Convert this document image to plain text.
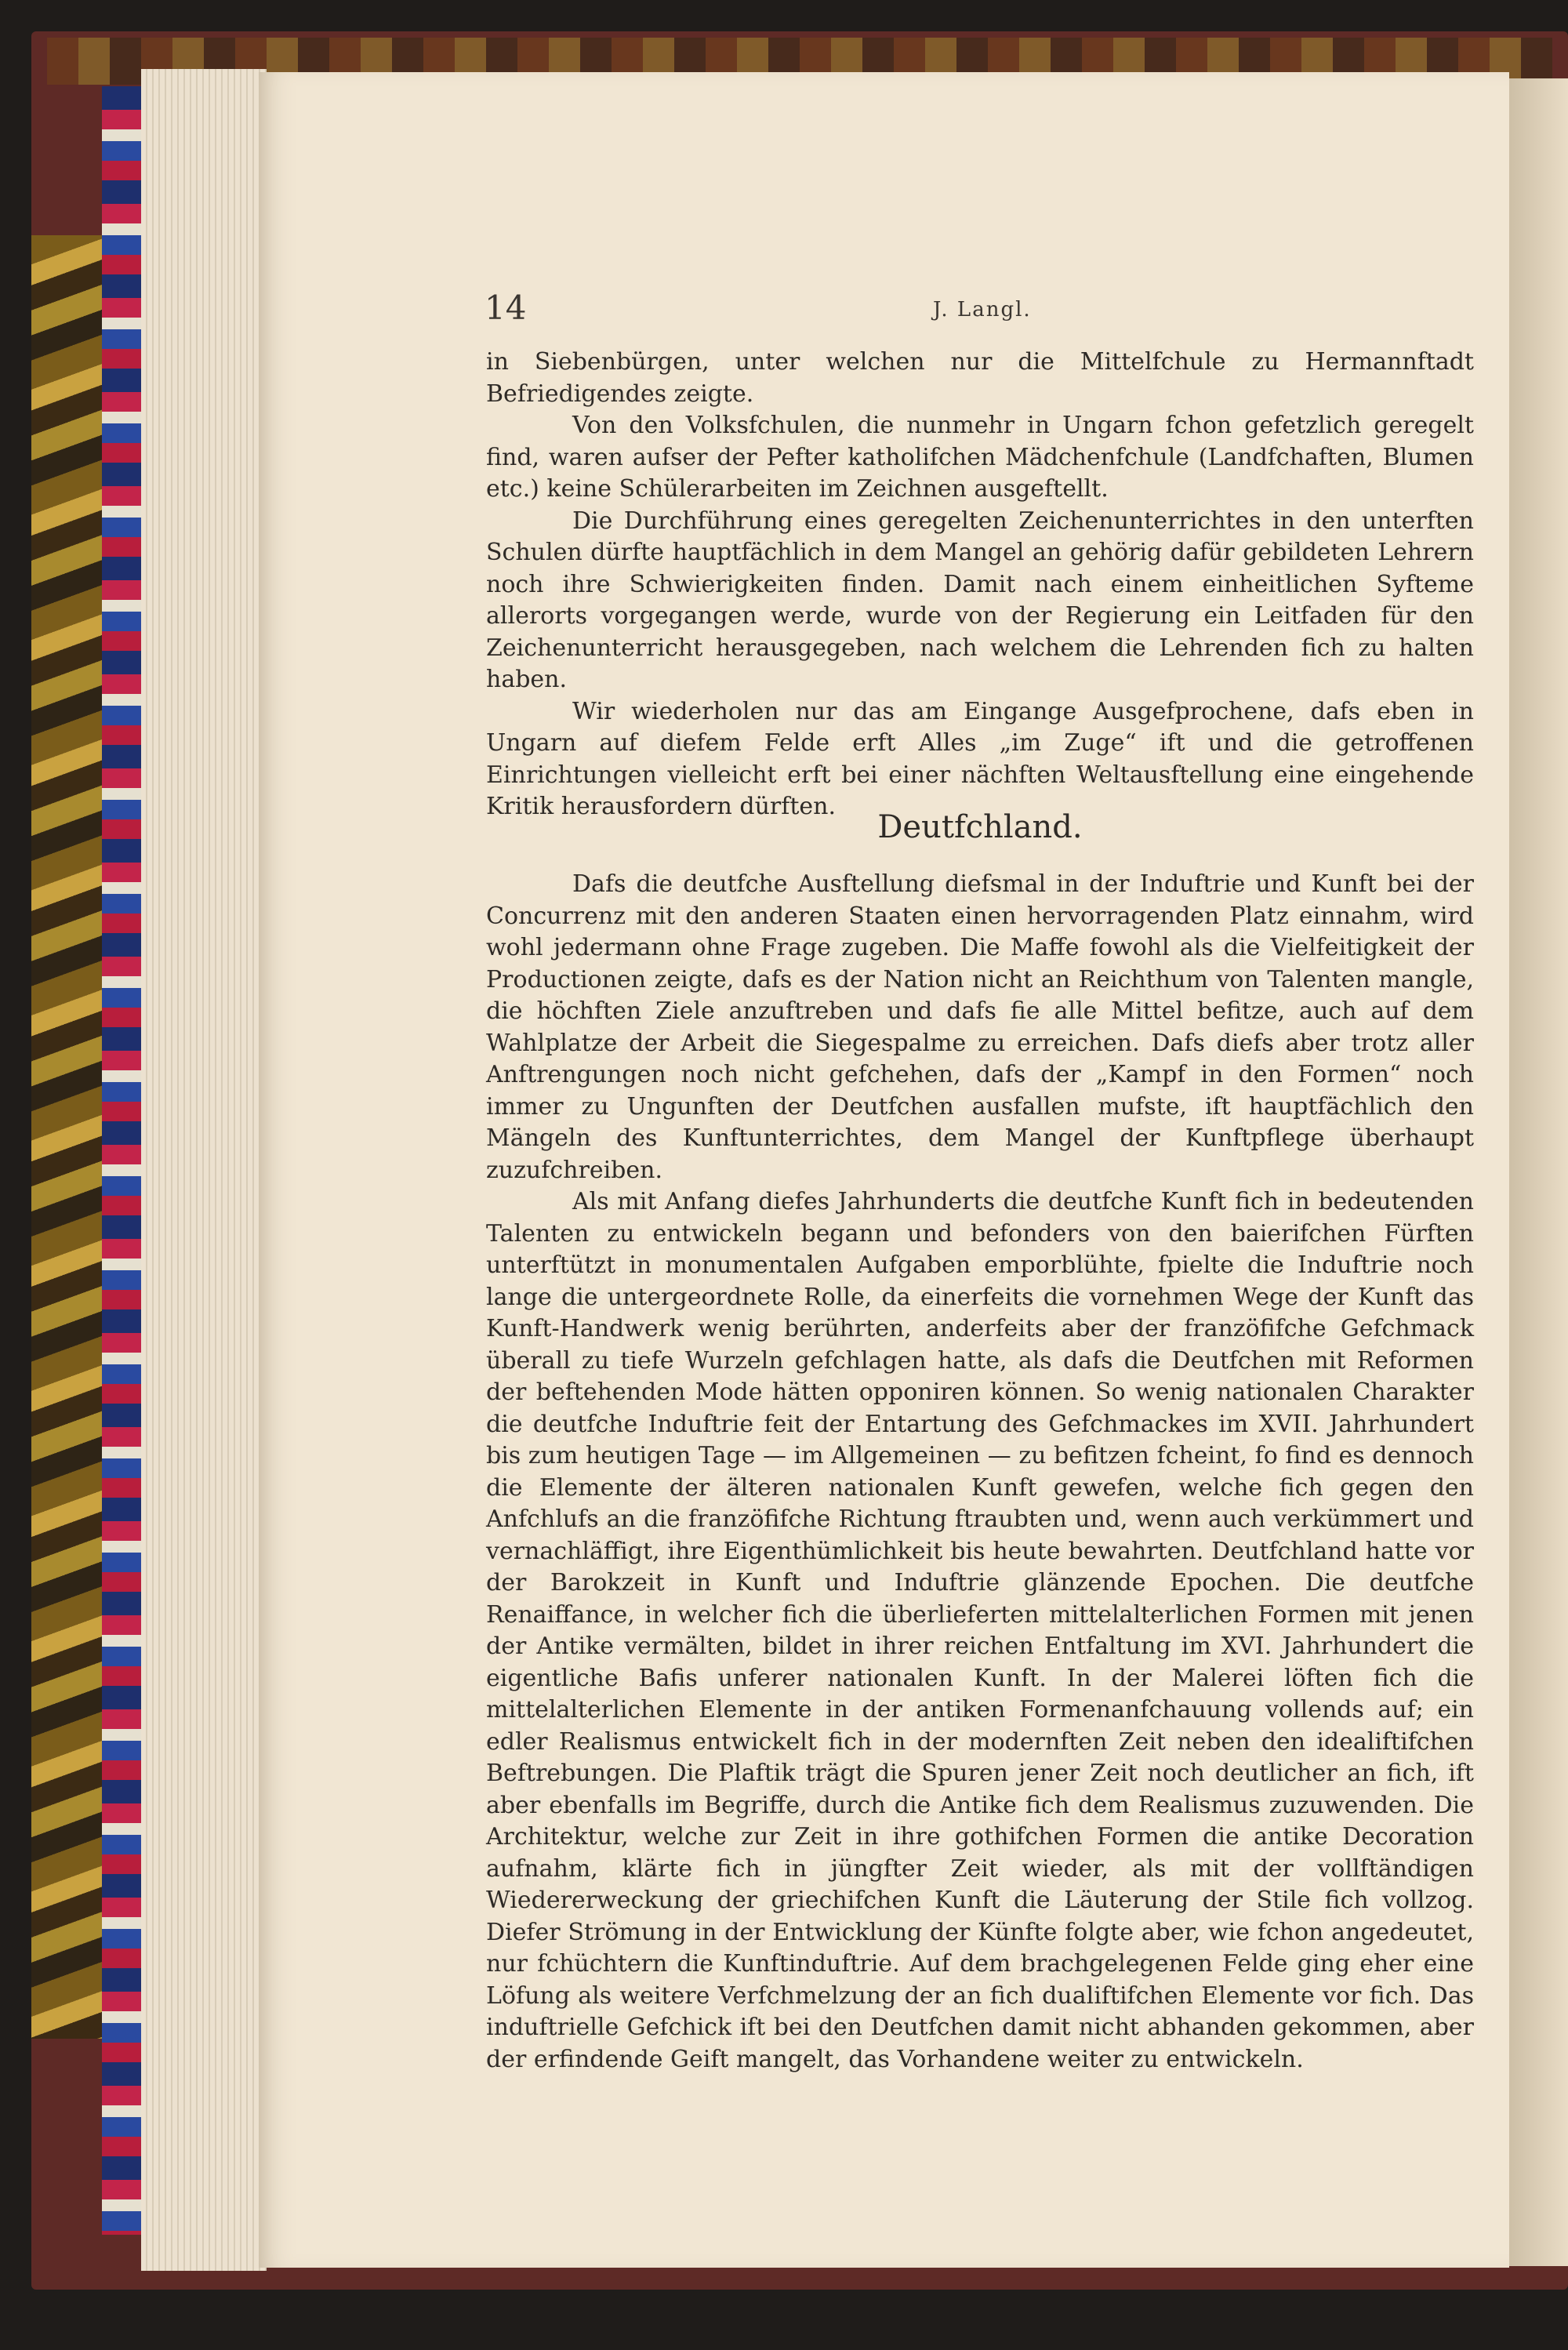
14	J. Langl.

in Siebenbürgen, unter welchen nur die Mittelfchule zu Hermannftadt Befriedigendes zeigte.

Von den Volksfchulen, die nunmehr in Ungarn fchon gefetzlich geregelt find, waren aufser der Pefter katholifchen Mädchenfchule (Landfchaften, Blumen etc.) keine Schülerarbeiten im Zeichnen ausgeftellt.

Die Durchführung eines geregelten Zeichenunterrichtes in den unterften Schulen dürfte hauptfächlich in dem Mangel an gehörig dafür gebildeten Lehrern noch ihre Schwierigkeiten finden. Damit nach einem einheitlichen Syfteme allerorts vorgegangen werde, wurde von der Regierung ein Leitfaden für den Zeichenunterricht herausgegeben, nach welchem die Lehrenden fich zu halten haben.

Wir wiederholen nur das am Eingange Ausgefprochene, dafs eben in Ungarn auf diefem Felde erft Alles „im Zuge“ ift und die getroffenen Einrichtungen vielleicht erft bei einer nächften Weltausftellung eine eingehende Kritik herausfordern dürften.

Deutfchland.

Dafs die deutfche Ausftellung diefsmal in der Induftrie und Kunft bei der Concurrenz mit den anderen Staaten einen hervorragenden Platz einnahm, wird wohl jedermann ohne Frage zugeben. Die Maffe fowohl als die Vielfeitigkeit der Productionen zeigte, dafs es der Nation nicht an Reichthum von Talenten mangle, die höchften Ziele anzuftreben und dafs fie alle Mittel befitze, auch auf dem Wahlplatze der Arbeit die Siegespalme zu erreichen. Dafs diefs aber trotz aller Anftrengungen noch nicht gefchehen, dafs der „Kampf in den Formen“ noch immer zu Ungunften der Deutfchen ausfallen mufste, ift hauptfächlich den Mängeln des Kunftunterrichtes, dem Mangel der Kunftpflege überhaupt zuzufchreiben.

Als mit Anfang diefes Jahrhunderts die deutfche Kunft fich in bedeutenden Talenten zu entwickeln begann und befonders von den baierifchen Fürften unterftützt in monumentalen Aufgaben emporblühte, fpielte die Induftrie noch lange die untergeordnete Rolle, da einerfeits die vornehmen Wege der Kunft das Kunft-Handwerk wenig berührten, anderfeits aber der franzöfifche Gefchmack überall zu tiefe Wurzeln gefchlagen hatte, als dafs die Deutfchen mit Reformen der beftehenden Mode hätten opponiren können. So wenig nationalen Charakter die deutfche Induftrie feit der Entartung des Gefchmackes im XVII. Jahrhundert bis zum heutigen Tage — im Allgemeinen — zu befitzen fcheint, fo find es dennoch die Elemente der älteren nationalen Kunft gewefen, welche fich gegen den Anfchlufs an die franzöfifche Richtung ftraubten und, wenn auch verkümmert und vernachläffigt, ihre Eigenthümlichkeit bis heute bewahrten. Deutfchland hatte vor der Barokzeit in Kunft und Induftrie glänzende Epochen. Die deutfche Renaiffance, in welcher fich die überlieferten mittelalterlichen Formen mit jenen der Antike vermälten, bildet in ihrer reichen Entfaltung im XVI. Jahrhundert die eigentliche Bafis unferer nationalen Kunft. In der Malerei löften fich die mittelalterlichen Elemente in der antiken Formenanfchauung vollends auf; ein edler Realismus entwickelt fich in der modernften Zeit neben den idealiftifchen Beftrebungen. Die Plaftik trägt die Spuren jener Zeit noch deutlicher an fich, ift aber ebenfalls im Begriffe, durch die Antike fich dem Realismus zuzuwenden. Die Architektur, welche zur Zeit in ihre gothifchen Formen die antike Decoration aufnahm, klärte fich in jüngfter Zeit wieder, als mit der vollftändigen Wiedererweckung der griechifchen Kunft die Läuterung der Stile fich vollzog. Diefer Strömung in der Entwicklung der Künfte folgte aber, wie fchon angedeutet, nur fchüchtern die Kunftinduftrie. Auf dem brachgelegenen Felde ging eher eine Löfung als weitere Verfchmelzung der an fich dualiftifchen Elemente vor fich. Das induftrielle Gefchick ift bei den Deutfchen damit nicht abhanden gekommen, aber der erfindende Geift mangelt, das Vorhandene weiter zu entwickeln.
